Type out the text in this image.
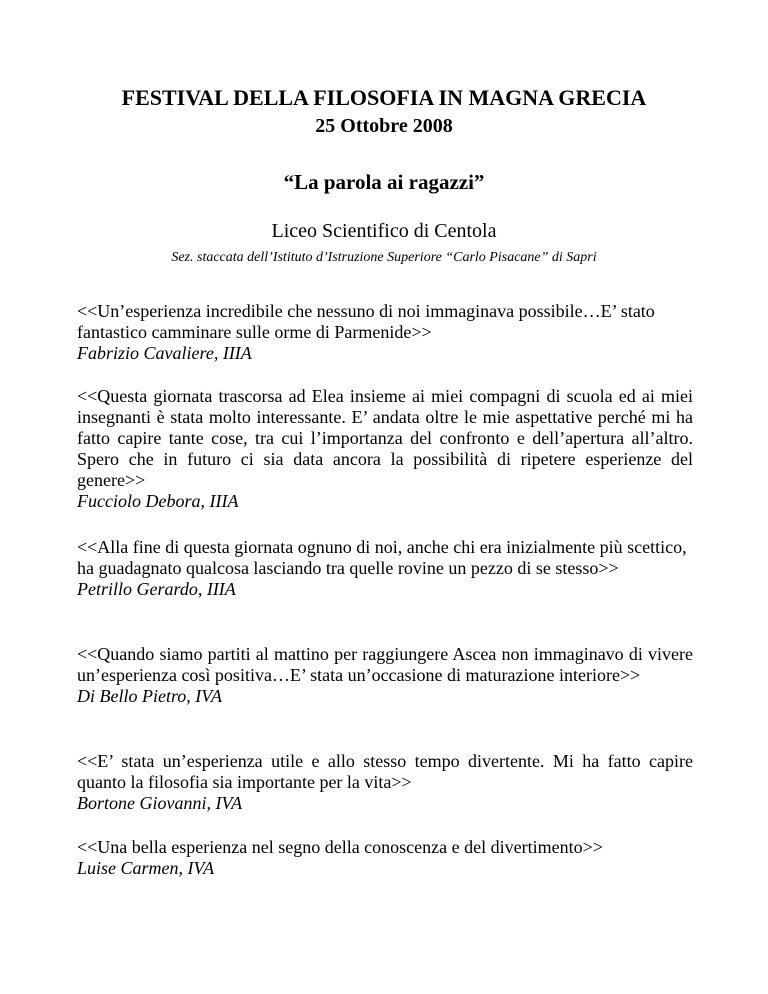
FESTIVAL DELLA FILOSOFIA IN MAGNA GRECIA
25 Ottobre 2008
“La parola ai ragazzi”
Liceo Scientifico di Centola
Sez. staccata dell’Istituto d’Istruzione Superiore “Carlo Pisacane” di Sapri

<<Un’esperienza incredibile che nessuno di noi immaginava possibile…E’ stato fantastico camminare sulle orme di Parmenide>>

Fabrizio Cavaliere, IIIA

<<Questa giornata trascorsa ad Elea insieme ai miei compagni di scuola ed ai miei insegnanti è stata molto interessante. E’ andata oltre le mie aspettative perché mi ha fatto capire tante cose, tra cui l’importanza del confronto e dell’apertura all’altro. Spero che in futuro ci sia data ancora la possibilità di ripetere esperienze del genere>>

Fucciolo Debora, IIIA

<<Alla fine di questa giornata ognuno di noi, anche chi era inizialmente più scettico, ha guadagnato qualcosa lasciando tra quelle rovine un pezzo di se stesso>>

Petrillo Gerardo, IIIA

<<Quando siamo partiti al mattino per raggiungere Ascea non immaginavo di vivere un’esperienza così positiva…E’ stata un’occasione di maturazione interiore>>

Di Bello Pietro, IVA

<<E’ stata un’esperienza utile e allo stesso tempo divertente. Mi ha fatto capire quanto la filosofia sia importante per la vita>>

Bortone Giovanni, IVA

<<Una bella esperienza nel segno della conoscenza e del divertimento>>

Luise Carmen, IVA
